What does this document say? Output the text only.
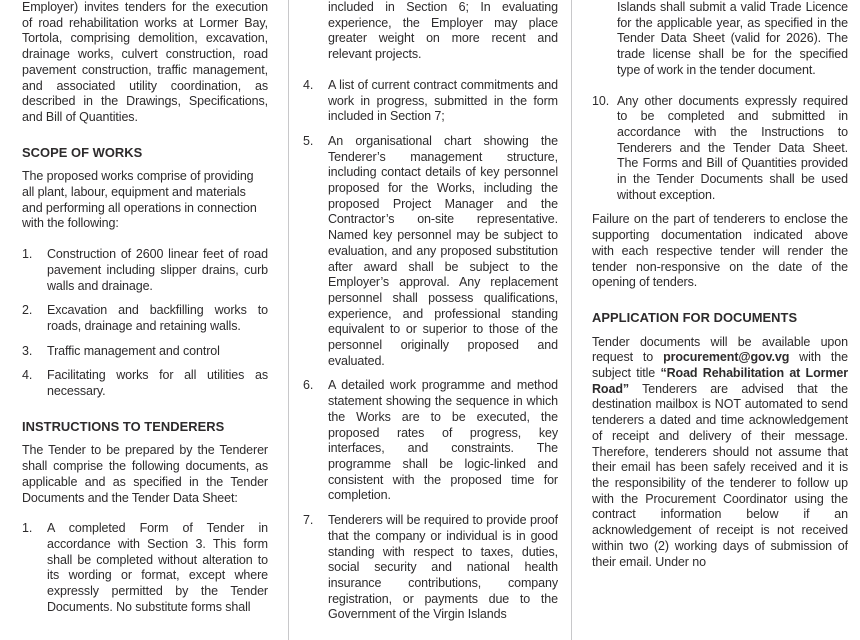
Employer) invites tenders for the execution of road rehabilitation works at Lormer Bay, Tortola, comprising demolition, excavation, drainage works, culvert construction, road pavement construction, traffic management, and associated utility coordination, as described in the Drawings, Specifications, and Bill of Quantities.
SCOPE OF WORKS
The proposed works comprise of providing all plant, labour, equipment and materials and performing all operations in connection with the following:
1.	Construction of 2600 linear feet of road pavement including slipper drains, curb walls and drainage.
2.	Excavation and backfilling works to roads, drainage and retaining walls.
3.	Traffic management and control
4.	Facilitating works for all utilities as necessary.
INSTRUCTIONS TO TENDERERS
The Tender to be prepared by the Tenderer shall comprise the following documents, as applicable and as specified in the Tender Documents and the Tender Data Sheet:
1.	A completed Form of Tender in accordance with Section 3. This form shall be completed without alteration to its wording or format, except where expressly permitted by the Tender Documents. No substitute forms shall
included in Section 6; In evaluating experience, the Employer may place greater weight on more recent and relevant projects.
4.	A list of current contract commitments and work in progress, submitted in the form included in Section 7;
5.	An organisational chart showing the Tenderer’s management structure, including contact details of key personnel proposed for the Works, including the proposed Project Manager and the Contractor’s on-site representative. Named key personnel may be subject to evaluation, and any proposed substitution after award shall be subject to the Employer’s approval. Any replacement personnel shall possess qualifications, experience, and professional standing equivalent to or superior to those of the personnel originally proposed and evaluated.
6.	A detailed work programme and method statement showing the sequence in which the Works are to be executed, the proposed rates of progress, key interfaces, and constraints. The programme shall be logic-linked and consistent with the proposed time for completion.
7.	Tenderers will be required to provide proof that the company or individual is in good standing with respect to taxes, duties, social security and national health insurance contributions, company registration, or payments due to the Government of the Virgin Islands
Islands shall submit a valid Trade Licence for the applicable year, as specified in the Tender Data Sheet (valid for 2026). The trade license shall be for the specified type of work in the tender document.
10. Any other documents expressly required to be completed and submitted in accordance with the Instructions to Tenderers and the Tender Data Sheet. The Forms and Bill of Quantities provided in the Tender Documents shall be used without exception.
Failure on the part of tenderers to enclose the supporting documentation indicated above with each respective tender will render the tender non-responsive on the date of the opening of tenders.
APPLICATION FOR DOCUMENTS
Tender documents will be available upon request to procurement@gov.vg with the subject title “Road Rehabilitation at Lormer Road” Tenderers are advised that the destination mailbox is NOT automated to send tenderers a dated and time acknowledgement of receipt and delivery of their message. Therefore, tenderers should not assume that their email has been safely received and it is the responsibility of the tenderer to follow up with the Procurement Coordinator using the contract information below if an acknowledgement of receipt is not received within two (2) working days of submission of their email. Under no
